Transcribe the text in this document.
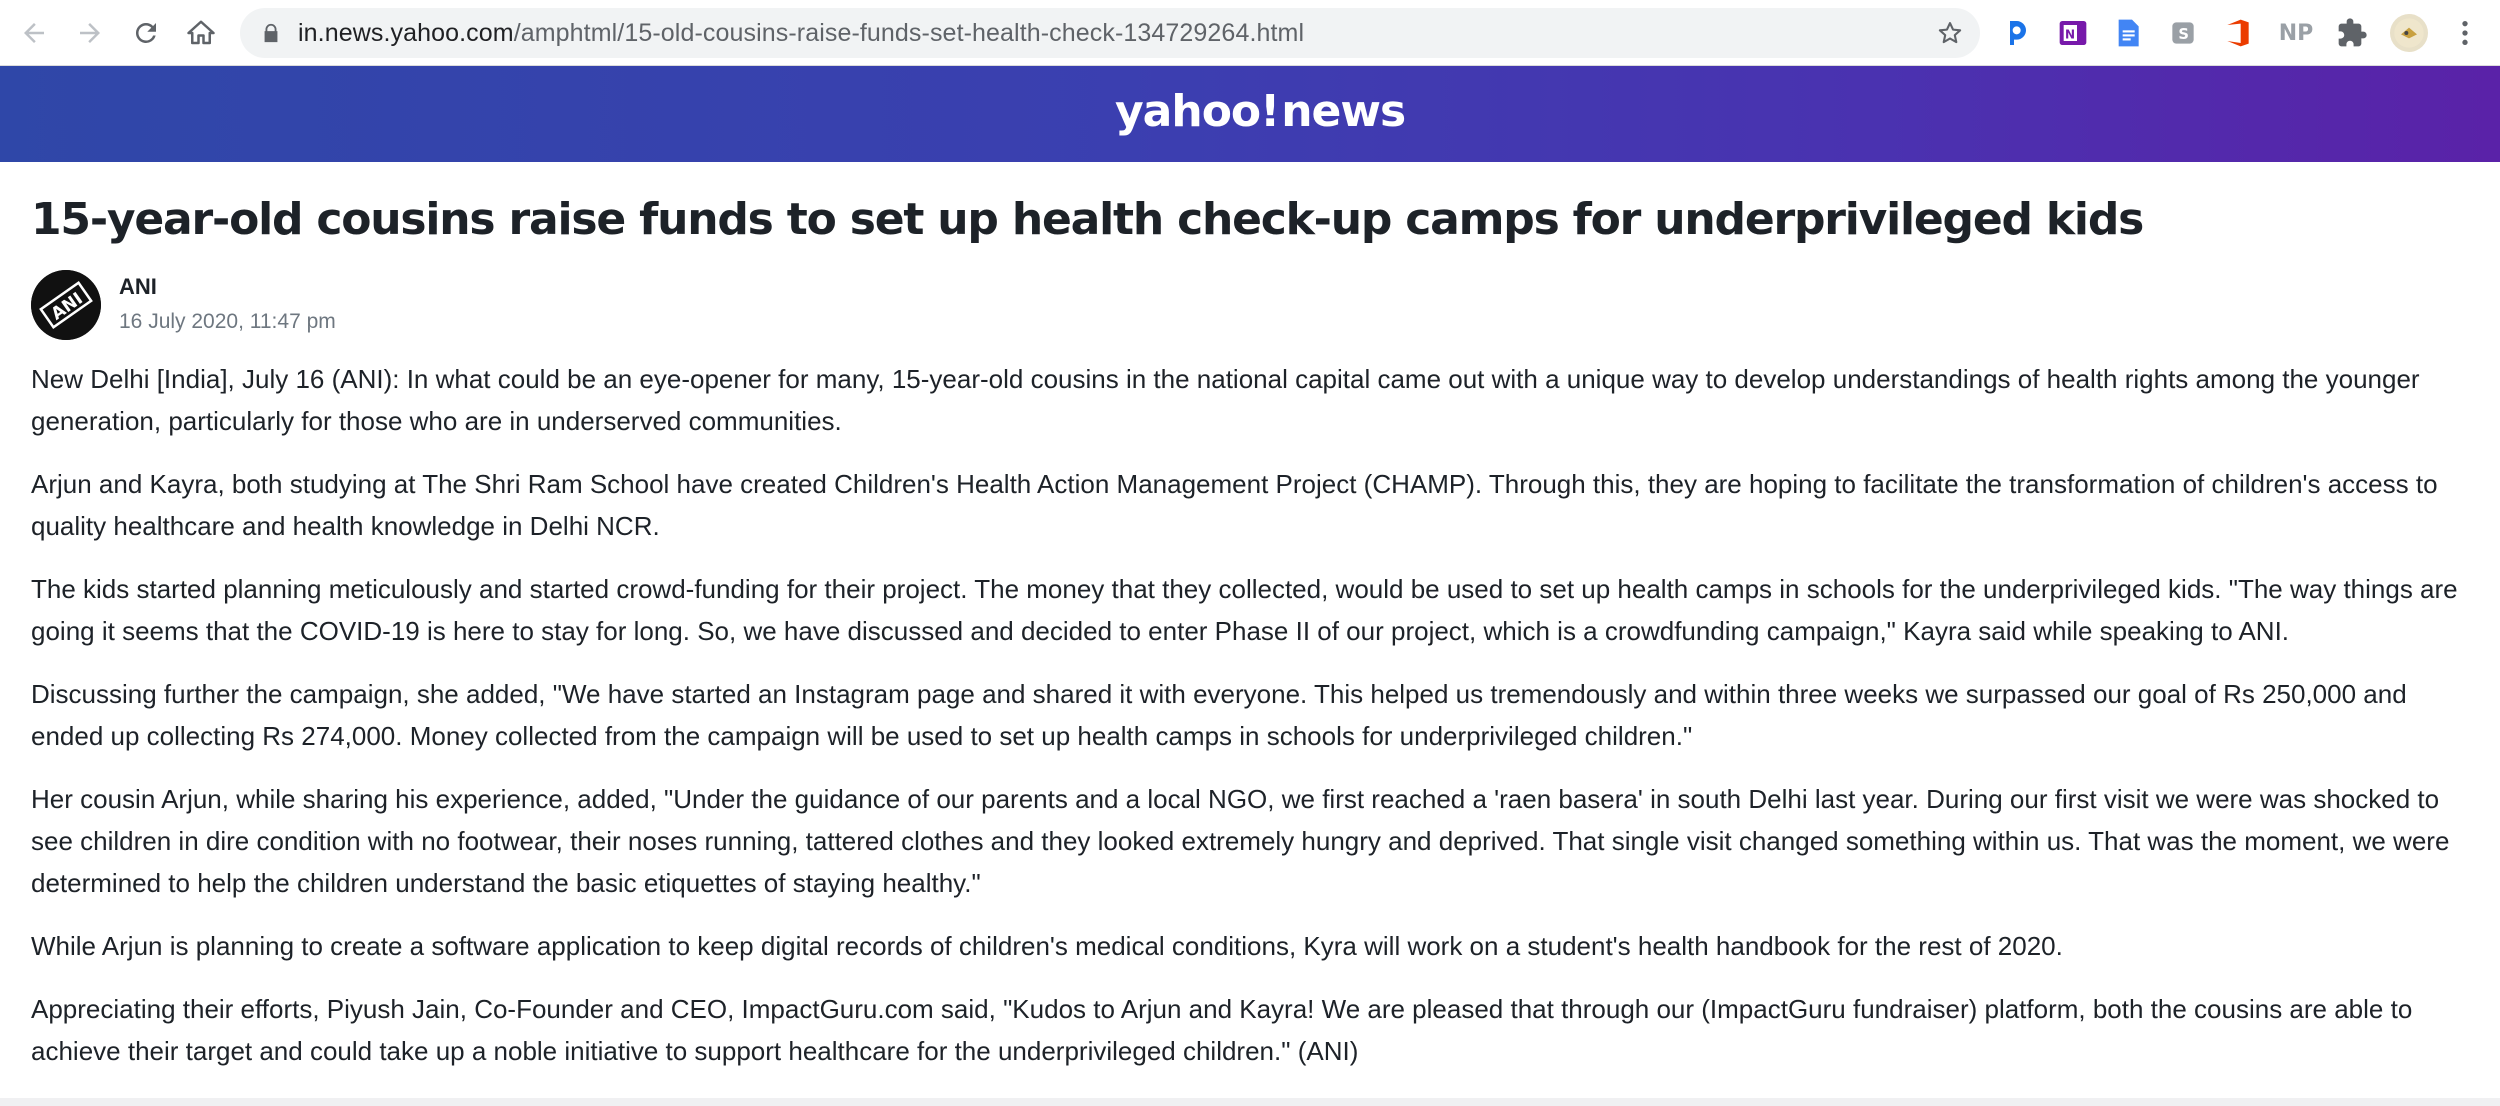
in.news.yahoo.com/amphtml/15-old-cousins-raise-funds-set-health-check-134729264.html	N	S	NP
yahoo! news
15-year-old cousins raise funds to set up health check-up camps for underprivileged kids
ANI
ANI
16 July 2020, 11:47 pm

New Delhi [India], July 16 (ANI): In what could be an eye-opener for many, 15-year-old cousins in the national capital came out with a unique way to develop understandings of health rights among the younger generation, particularly for those who are in underserved communities.

Arjun and Kayra, both studying at The Shri Ram School have created Children's Health Action Management Project (CHAMP). Through this, they are hoping to facilitate the transformation of children's access to quality healthcare and health knowledge in Delhi NCR.

The kids started planning meticulously and started crowd-funding for their project. The money that they collected, would be used to set up health camps in schools for the underprivileged kids. "The way things are going it seems that the COVID-19 is here to stay for long. So, we have discussed and decided to enter Phase II of our project, which is a crowdfunding campaign," Kayra said while speaking to ANI.

Discussing further the campaign, she added, "We have started an Instagram page and shared it with everyone. This helped us tremendously and within three weeks we surpassed our goal of Rs 250,000 and ended up collecting Rs 274,000. Money collected from the campaign will be used to set up health camps in schools for underprivileged children."

Her cousin Arjun, while sharing his experience, added, "Under the guidance of our parents and a local NGO, we first reached a 'raen basera' in south Delhi last year. During our first visit we were was shocked to see children in dire condition with no footwear, their noses running, tattered clothes and they looked extremely hungry and deprived. That single visit changed something within us. That was the moment, we were determined to help the children understand the basic etiquettes of staying healthy."

While Arjun is planning to create a software application to keep digital records of children's medical conditions, Kyra will work on a student's health handbook for the rest of 2020.

Appreciating their efforts, Piyush Jain, Co-Founder and CEO, ImpactGuru.com said, "Kudos to Arjun and Kayra! We are pleased that through our (ImpactGuru fundraiser) platform, both the cousins are able to achieve their target and could take up a noble initiative to support healthcare for the underprivileged children." (ANI)
